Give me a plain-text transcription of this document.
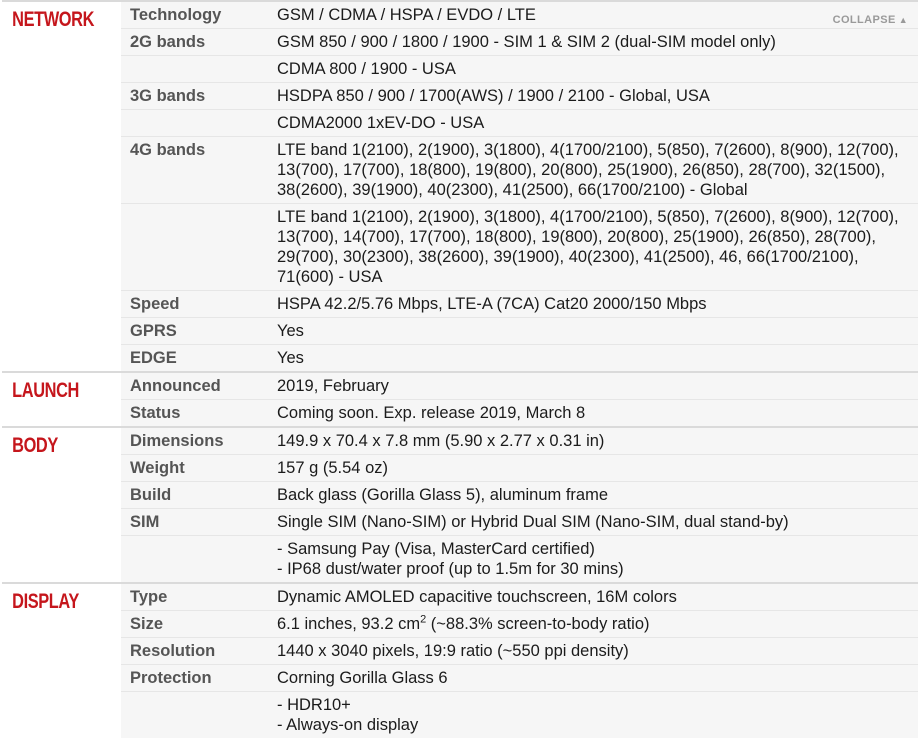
COLLAPSE ▲
NETWORK	Technology	GSM / CDMA / HSPA / EVDO / LTE
	2G bands	GSM 850 / 900 / 1800 / 1900 - SIM 1 & SIM 2 (dual-SIM model only)
		CDMA 800 / 1900 - USA
	3G bands	HSDPA 850 / 900 / 1700(AWS) / 1900 / 2100 - Global, USA
		CDMA2000 1xEV-DO - USA
	4G bands	LTE band 1(2100), 2(1900), 3(1800), 4(1700/2100), 5(850), 7(2600), 8(900), 12(700), 13(700), 17(700), 18(800), 19(800), 20(800), 25(1900), 26(850), 28(700), 32(1500), 38(2600), 39(1900), 40(2300), 41(2500), 66(1700/2100) - Global
		LTE band 1(2100), 2(1900), 3(1800), 4(1700/2100), 5(850), 7(2600), 8(900), 12(700), 13(700), 14(700), 17(700), 18(800), 19(800), 20(800), 25(1900), 26(850), 28(700), 29(700), 30(2300), 38(2600), 39(1900), 40(2300), 41(2500), 46, 66(1700/2100), 71(600) - USA
	Speed	HSPA 42.2/5.76 Mbps, LTE-A (7CA) Cat20 2000/150 Mbps
	GPRS	Yes
	EDGE	Yes
LAUNCH	Announced	2019, February
	Status	Coming soon. Exp. release 2019, March 8
BODY	Dimensions	149.9 x 70.4 x 7.8 mm (5.90 x 2.77 x 0.31 in)
	Weight	157 g (5.54 oz)
	Build	Back glass (Gorilla Glass 5), aluminum frame
	SIM	Single SIM (Nano-SIM) or Hybrid Dual SIM (Nano-SIM, dual stand-by)
		- Samsung Pay (Visa, MasterCard certified)
- IP68 dust/water proof (up to 1.5m for 30 mins)
DISPLAY	Type	Dynamic AMOLED capacitive touchscreen, 16M colors
	Size	6.1 inches, 93.2 $cm^2$ (~88.3% screen-to-body ratio)
	Resolution	1440 x 3040 pixels, 19:9 ratio (~550 ppi density)
	Protection	Corning Gorilla Glass 6
		- HDR10+
- Always-on display
